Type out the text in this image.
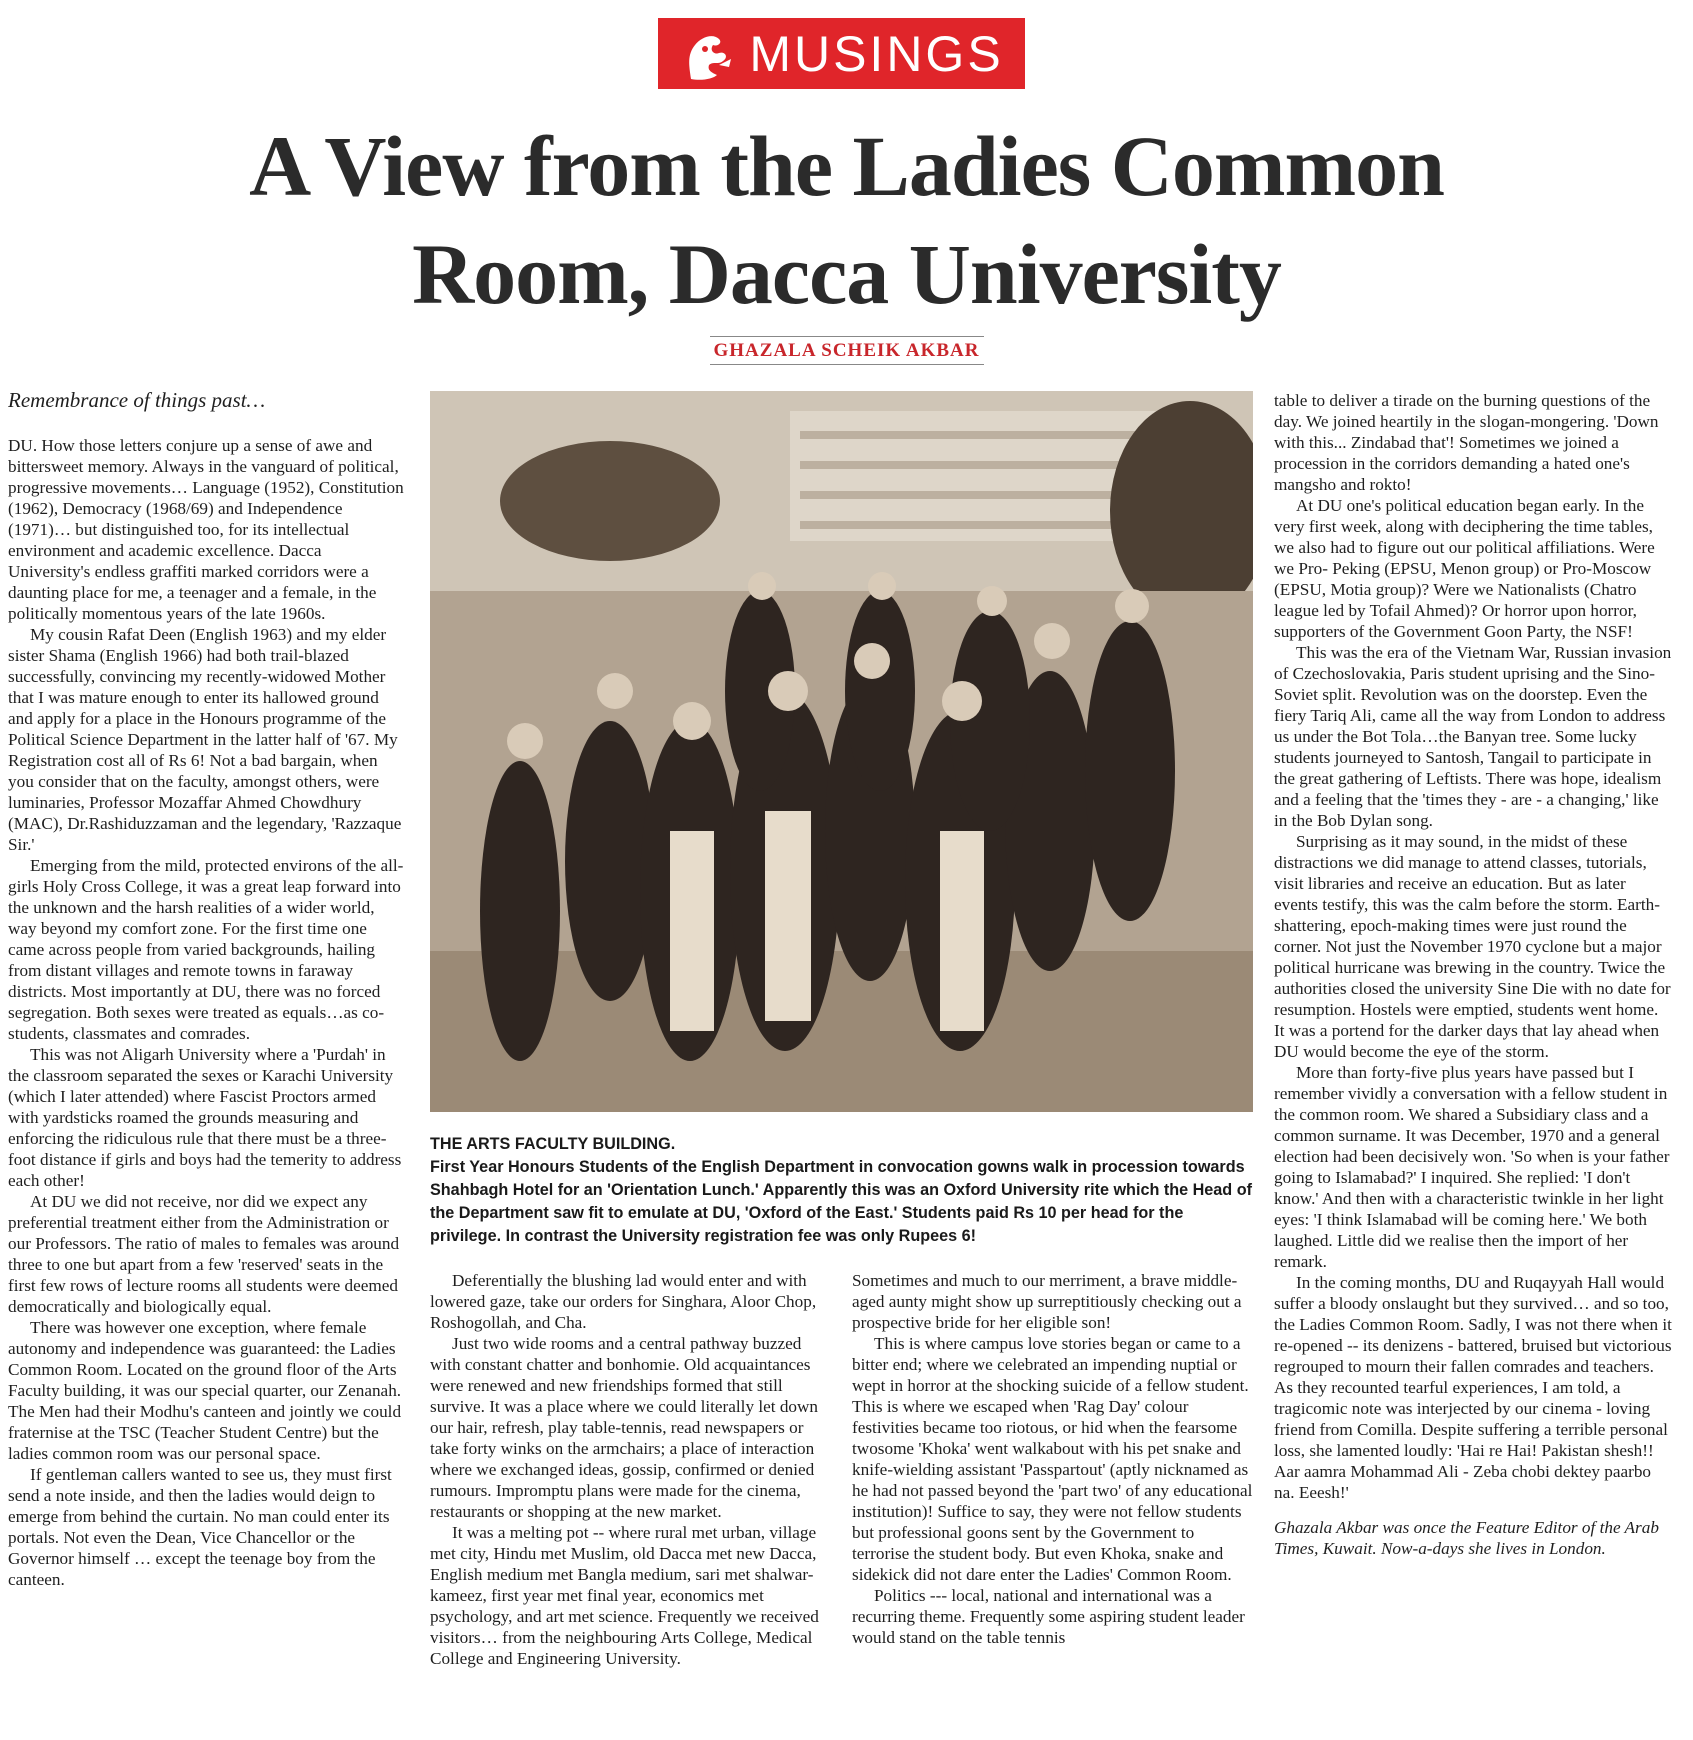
MUSINGS
A View from the Ladies Common
Room, Dacca University
GHAZALA SCHEIK AKBAR

Remembrance of things past…

DU. How those letters conjure up a sense of awe and bittersweet memory. Always in the vanguard of political, progressive movements… Language (1952), Constitution (1962), Democracy (1968/69) and Independence (1971)… but distinguished too, for its intellectual environment and academic excellence. Dacca University's endless graffiti marked corridors were a daunting place for me, a teenager and a female, in the politically momentous years of the late 1960s.

My cousin Rafat Deen (English 1963) and my elder sister Shama (English 1966) had both trail-blazed successfully, convincing my recently-widowed Mother that I was mature enough to enter its hallowed ground and apply for a place in the Honours programme of the Political Science Department in the latter half of '67. My Registration cost all of Rs 6! Not a bad bargain, when you consider that on the faculty, amongst others, were luminaries, Professor Mozaffar Ahmed Chowdhury (MAC), Dr.Rashiduzzaman and the legendary, 'Razzaque Sir.'

Emerging from the mild, protected environs of the all-girls Holy Cross College, it was a great leap forward into the unknown and the harsh realities of a wider world, way beyond my comfort zone. For the first time one came across people from varied backgrounds, hailing from distant villages and remote towns in faraway districts. Most importantly at DU, there was no forced segregation. Both sexes were treated as equals…as co-students, classmates and comrades.

This was not Aligarh University where a 'Purdah' in the classroom separated the sexes or Karachi University (which I later attended) where Fascist Proctors armed with yardsticks roamed the grounds measuring and enforcing the ridiculous rule that there must be a three-foot distance if girls and boys had the temerity to address each other!

At DU we did not receive, nor did we expect any preferential treatment either from the Administration or our Professors. The ratio of males to females was around three to one but apart from a few 'reserved' seats in the first few rows of lecture rooms all students were deemed democratically and biologically equal.

There was however one exception, where female autonomy and independence was guaranteed: the Ladies Common Room. Located on the ground floor of the Arts Faculty building, it was our special quarter, our Zenanah. The Men had their Modhu's canteen and jointly we could fraternise at the TSC (Teacher Student Centre) but the ladies common room was our personal space.

If gentleman callers wanted to see us, they must first send a note inside, and then the ladies would deign to emerge from behind the curtain. No man could enter its portals. Not even the Dean, Vice Chancellor or the Governor himself … except the teenage boy from the canteen.

THE ARTS FACULTY BUILDING.
First Year Honours Students of the English Department in convocation gowns walk in procession towards Shahbagh Hotel for an 'Orientation Lunch.' Apparently this was an Oxford University rite which the Head of the Department saw fit to emulate at DU, 'Oxford of the East.' Students paid Rs 10 per head for the privilege. In contrast the University registration fee was only Rupees 6!

Deferentially the blushing lad would enter and with lowered gaze, take our orders for Singhara, Aloor Chop, Roshogollah, and Cha.

Just two wide rooms and a central pathway buzzed with constant chatter and bonhomie. Old acquaintances were renewed and new friendships formed that still survive. It was a place where we could literally let down our hair, refresh, play table-tennis, read newspapers or take forty winks on the armchairs; a place of interaction where we exchanged ideas, gossip, confirmed or denied rumours. Impromptu plans were made for the cinema, restaurants or shopping at the new market.

It was a melting pot -- where rural met urban, village met city, Hindu met Muslim, old Dacca met new Dacca, English medium met Bangla medium, sari met shalwar-kameez, first year met final year, economics met psychology, and art met science. Frequently we received visitors… from the neighbouring Arts College, Medical College and Engineering University.

Sometimes and much to our merriment, a brave middle-aged aunty might show up surreptitiously checking out a prospective bride for her eligible son!

This is where campus love stories began or came to a bitter end; where we celebrated an impending nuptial or wept in horror at the shocking suicide of a fellow student. This is where we escaped when 'Rag Day' colour festivities became too riotous, or hid when the fearsome twosome 'Khoka' went walkabout with his pet snake and knife-wielding assistant 'Passpartout' (aptly nicknamed as he had not passed beyond the 'part two' of any educational institution)! Suffice to say, they were not fellow students but professional goons sent by the Government to terrorise the student body. But even Khoka, snake and sidekick did not dare enter the Ladies' Common Room.

Politics --- local, national and international was a recurring theme. Frequently some aspiring student leader would stand on the table tennis

table to deliver a tirade on the burning questions of the day. We joined heartily in the slogan-mongering. 'Down with this... Zindabad that'! Sometimes we joined a procession in the corridors demanding a hated one's mangsho and rokto!

At DU one's political education began early. In the very first week, along with deciphering the time tables, we also had to figure out our political affiliations. Were we Pro- Peking (EPSU, Menon group) or Pro-Moscow (EPSU, Motia group)? Were we Nationalists (Chatro league led by Tofail Ahmed)? Or horror upon horror, supporters of the Government Goon Party, the NSF!

This was the era of the Vietnam War, Russian invasion of Czechoslovakia, Paris student uprising and the Sino-Soviet split. Revolution was on the doorstep. Even the fiery Tariq Ali, came all the way from London to address us under the Bot Tola…the Banyan tree. Some lucky students journeyed to Santosh, Tangail to participate in the great gathering of Leftists. There was hope, idealism and a feeling that the 'times they - are - a changing,' like in the Bob Dylan song.

Surprising as it may sound, in the midst of these distractions we did manage to attend classes, tutorials, visit libraries and receive an education. But as later events testify, this was the calm before the storm. Earth-shattering, epoch-making times were just round the corner. Not just the November 1970 cyclone but a major political hurricane was brewing in the country. Twice the authorities closed the university Sine Die with no date for resumption. Hostels were emptied, students went home. It was a portend for the darker days that lay ahead when DU would become the eye of the storm.

More than forty-five plus years have passed but I remember vividly a conversation with a fellow student in the common room. We shared a Subsidiary class and a common surname. It was December, 1970 and a general election had been decisively won. 'So when is your father going to Islamabad?' I inquired. She replied: 'I don't know.' And then with a characteristic twinkle in her light eyes: 'I think Islamabad will be coming here.' We both laughed. Little did we realise then the import of her remark.

In the coming months, DU and Ruqayyah Hall would suffer a bloody onslaught but they survived… and so too, the Ladies Common Room. Sadly, I was not there when it re-opened -- its denizens - battered, bruised but victorious regrouped to mourn their fallen comrades and teachers. As they recounted tearful experiences, I am told, a tragicomic note was interjected by our cinema - loving friend from Comilla. Despite suffering a terrible personal loss, she lamented loudly: 'Hai re Hai! Pakistan shesh!! Aar aamra Mohammad Ali - Zeba chobi dektey paarbo na. Eeesh!'

Ghazala Akbar was once the Feature Editor of the Arab Times, Kuwait. Now-a-days she lives in London.
